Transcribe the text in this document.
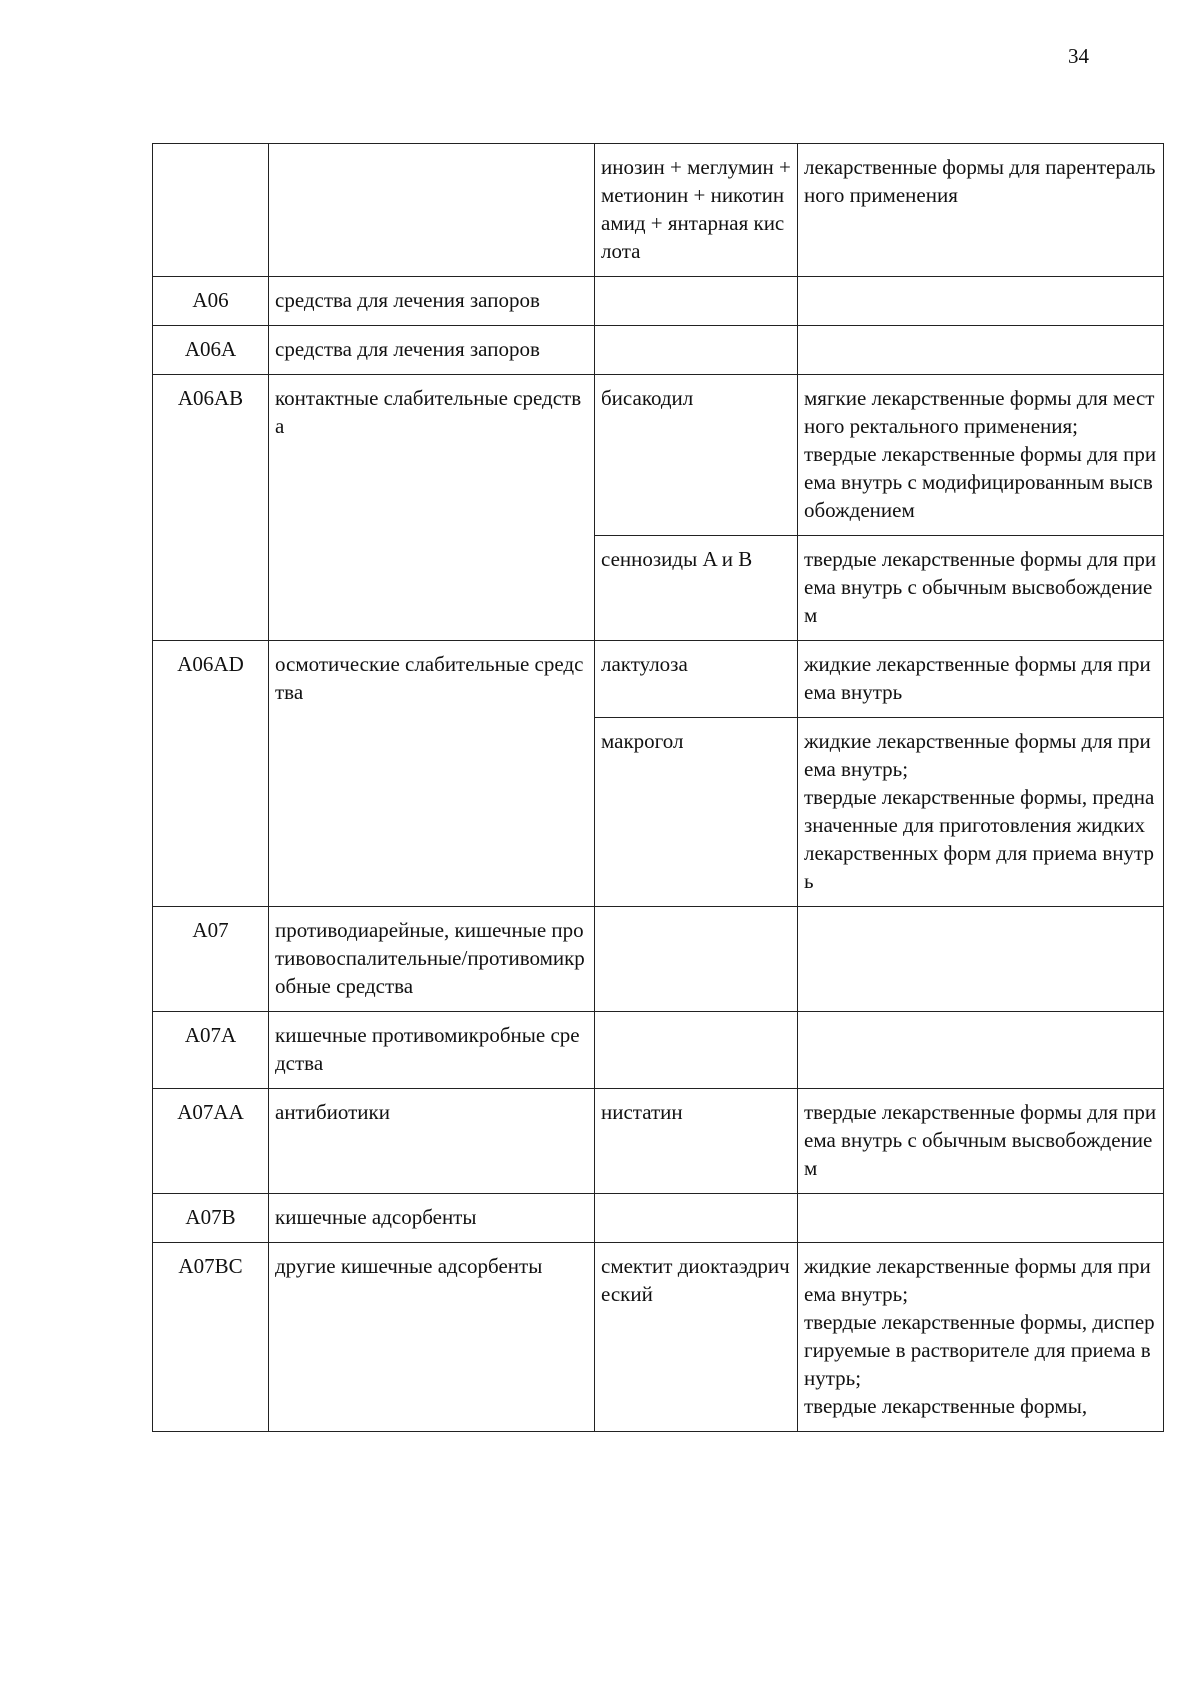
34
		инозин + меглумин + метионин + никотинамид + янтарная кислота	лекарственные формы для парентерального применения

A06	средства для лечения запоров		
A06A	средства для лечения запоров		
A06AB	контактные слабительные средства	бисакодил	мягкие лекарственные формы для местного ректального применения;
твердые лекарственные формы для приема внутрь с модифицированным высвобождением

		сеннозиды A и B	твердые лекарственные формы для приема внутрь с обычным высвобождением

A06AD	осмотические слабительные средства	лактулоза	жидкие лекарственные формы для приема внутрь

		макрогол	жидкие лекарственные формы для приема внутрь;
твердые лекарственные формы, предназначенные для приготовления жидких лекарственных форм для приема внутрь

A07	противодиарейные, кишечные противовоспалительные/противомикробные средства		
A07A	кишечные противомикробные средства		
A07AA	антибиотики	нистатин	твердые лекарственные формы для приема внутрь с обычным высвобождением

A07B	кишечные адсорбенты		
A07BC	другие кишечные адсорбенты	смектит диоктаэдрический	жидкие лекарственные формы для приема внутрь;
твердые лекарственные формы, диспергируемые в растворителе для приема внутрь;
твердые лекарственные формы,
